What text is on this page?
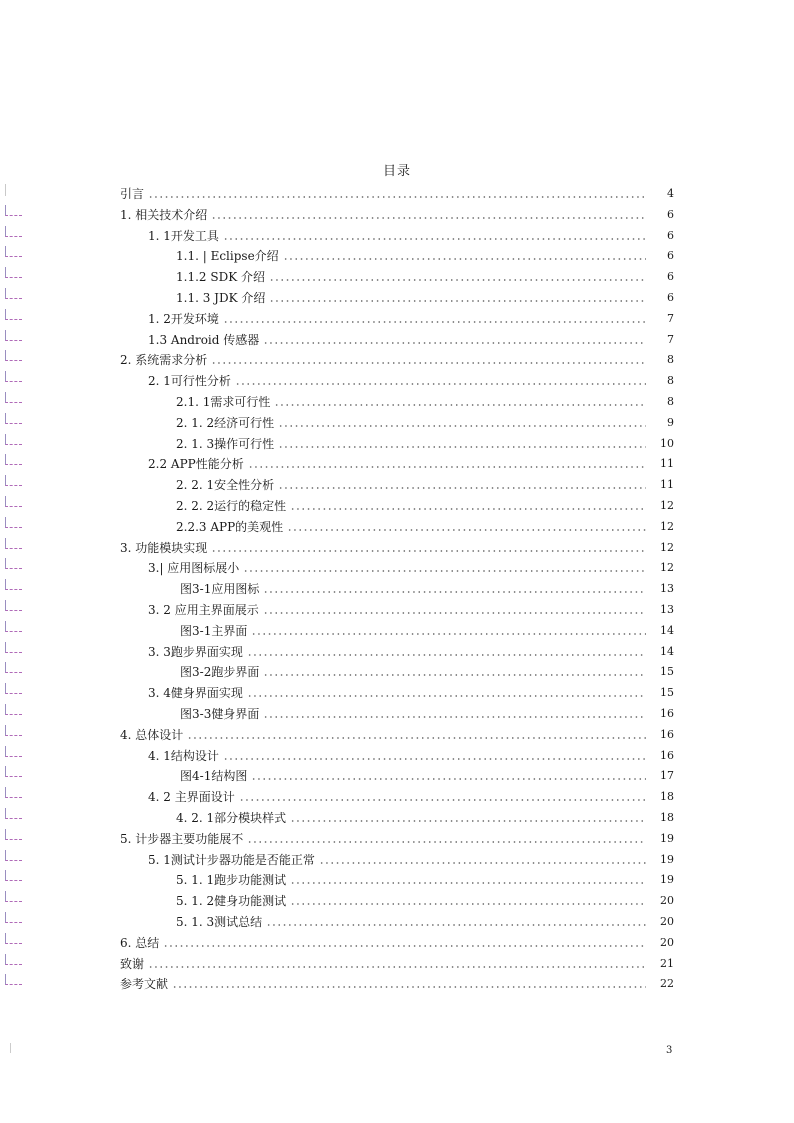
目录
引言	4
1. 相关技术介绍	6
1. 1开发工具	6
1.1. | Eclipse介绍	6
1.1.2 SDK 介绍	6
1.1. 3 JDK 介绍	6
1. 2开发环境	7
1.3 Android 传感器	7
2. 系统需求分析	8
2. 1可行性分析	8
2.1. 1需求可行性	8
2. 1. 2经济可行性	9
2. 1. 3操作可行性	10
2.2 APP性能分析	11
2. 2. 1安全性分析	11
2. 2. 2运行的稳定性	12
2.2.3 APP的美观性	12
3. 功能模块实现	12
3.| 应用图标展小	12
图3-1应用图标	13
3. 2 应用主界面展示	13
图3-1主界面	14
3. 3跑步界面实现	14
图3-2跑步界面	15
3. 4健身界面实现	15
图3-3健身界面	16
4. 总体设计	16
4. 1结构设计	16
图4-1结构图	17
4. 2 主界面设计	18
4. 2. 1部分模块样式	18
5. 计步器主要功能展不	19
5. 1测试计步器功能是否能正常	19
5. 1. 1跑步功能测试	19
5. 1. 2健身功能测试	20
5. 1. 3测试总结	20
6. 总结	20
致谢	21
参考文献	22
3
